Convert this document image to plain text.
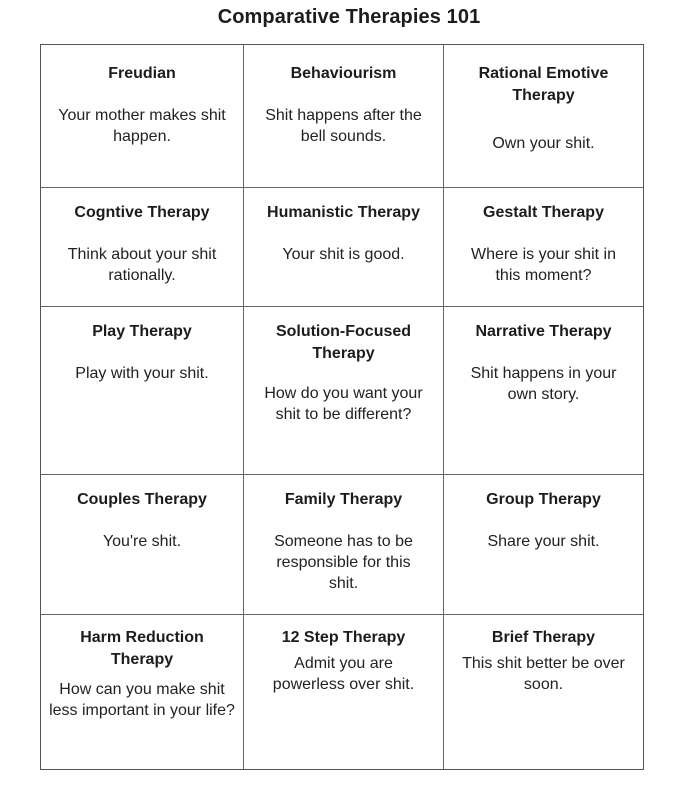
Comparative Therapies 101
Freudian
Your mother makes shit happen.
Behaviourism
Shit happens after the bell sounds.
Rational Emotive Therapy
Own your shit.
Cogntive Therapy
Think about your shit rationally.
Humanistic Therapy
Your shit is good.
Gestalt Therapy
Where is your shit in this moment?
Play Therapy
Play with your shit.
Solution-Focused Therapy
How do you want your shit to be different?
Narrative Therapy
Shit happens in your own story.
Couples Therapy
You're shit.
Family Therapy
Someone has to be responsible for this shit.
Group Therapy
Share your shit.
Harm Reduction Therapy
How can you make shit less important in your life?
12 Step Therapy
Admit you are powerless over shit.
Brief Therapy
This shit better be over soon.
